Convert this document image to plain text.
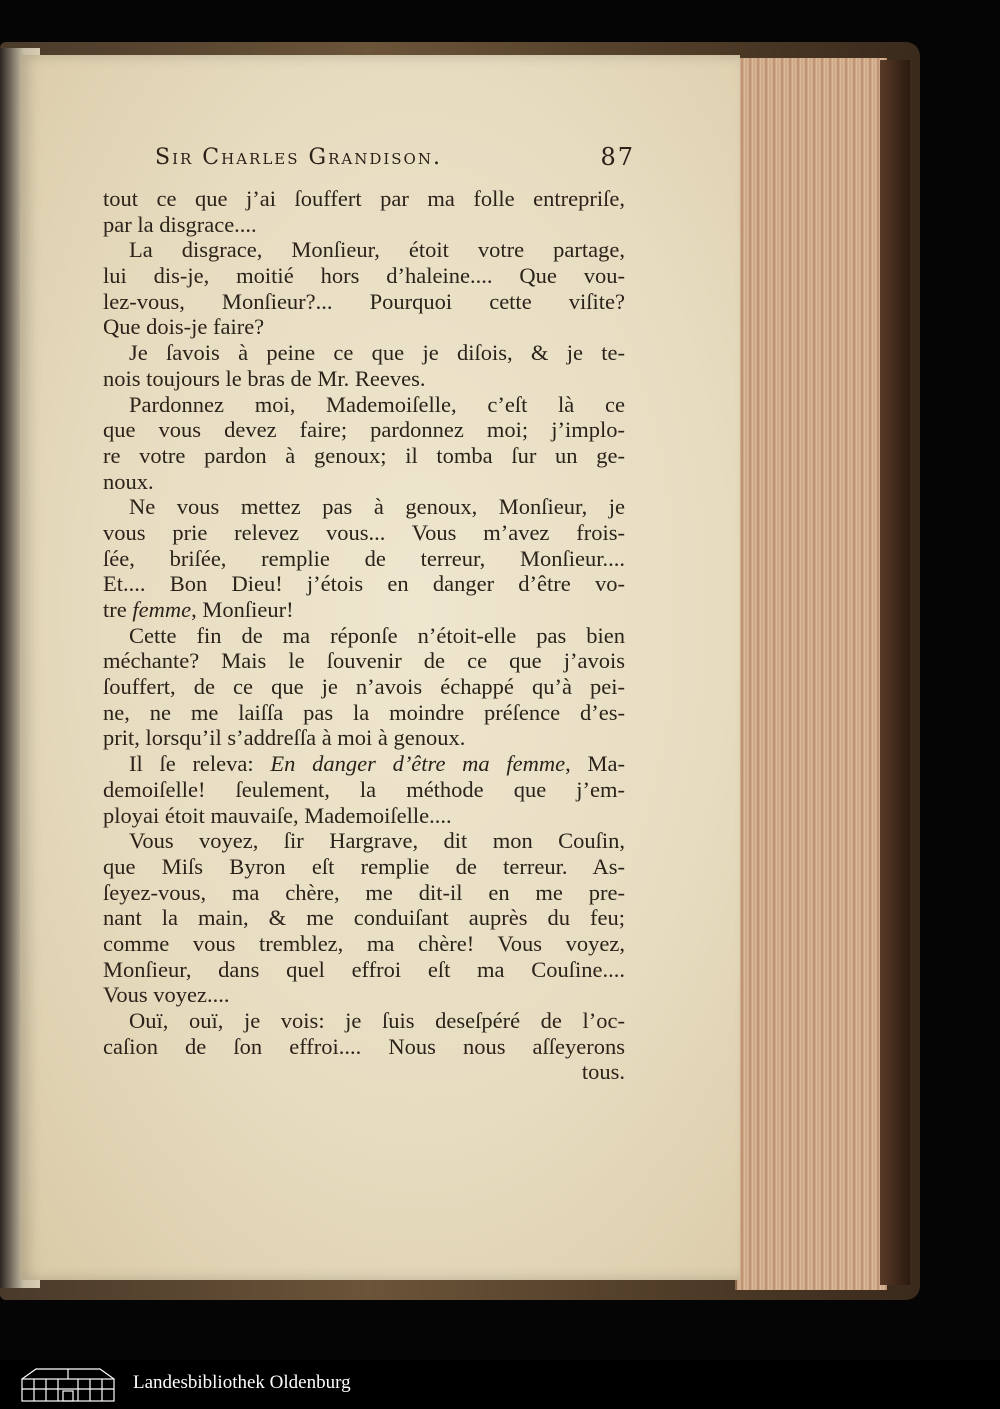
Sir Charles Grandison.	87
tout ce que j’ai ſouffert par ma folle entrepriſe,
par la disgrace....
La disgrace, Monſieur, étoit votre partage,
lui dis-je, moitié hors d’haleine.... Que vou-
lez-vous, Monſieur?... Pourquoi cette viſite?
Que dois-je faire?
Je ſavois à peine ce que je diſois, & je te-
nois toujours le bras de Mr. Reeves.
Pardonnez moi, Mademoiſelle, c’eſt là ce
que vous devez faire; pardonnez moi; j’implo-
re votre pardon à genoux; il tomba ſur un ge-
noux.
Ne vous mettez pas à genoux, Monſieur, je
vous prie relevez vous... Vous m’avez frois-
ſée, briſée, remplie de terreur, Monſieur....
Et.... Bon Dieu! j’étois en danger d’être vo-
tre femme, Monſieur!
Cette fin de ma réponſe n’étoit-elle pas bien
méchante? Mais le ſouvenir de ce que j’avois
ſouffert, de ce que je n’avois échappé qu’à pei-
ne, ne me laiſſa pas la moindre préſence d’es-
prit, lorsqu’il s’addreſſa à moi à genoux.
Il ſe releva: En danger d’être ma femme, Ma-
demoiſelle! ſeulement, la méthode que j’em-
ployai étoit mauvaiſe, Mademoiſelle....
Vous voyez, ſir Hargrave, dit mon Couſin,
que Miſs Byron eſt remplie de terreur. As-
ſeyez-vous, ma chère, me dit-il en me pre-
nant la main, & me conduiſant auprès du feu;
comme vous tremblez, ma chère! Vous voyez,
Monſieur, dans quel effroi eſt ma Couſine....
Vous voyez....
Ouï, ouï, je vois: je ſuis deseſpéré de l’oc-
caſion de ſon effroi.... Nous nous aſſeyerons
tous.
Landesbibliothek Oldenburg
